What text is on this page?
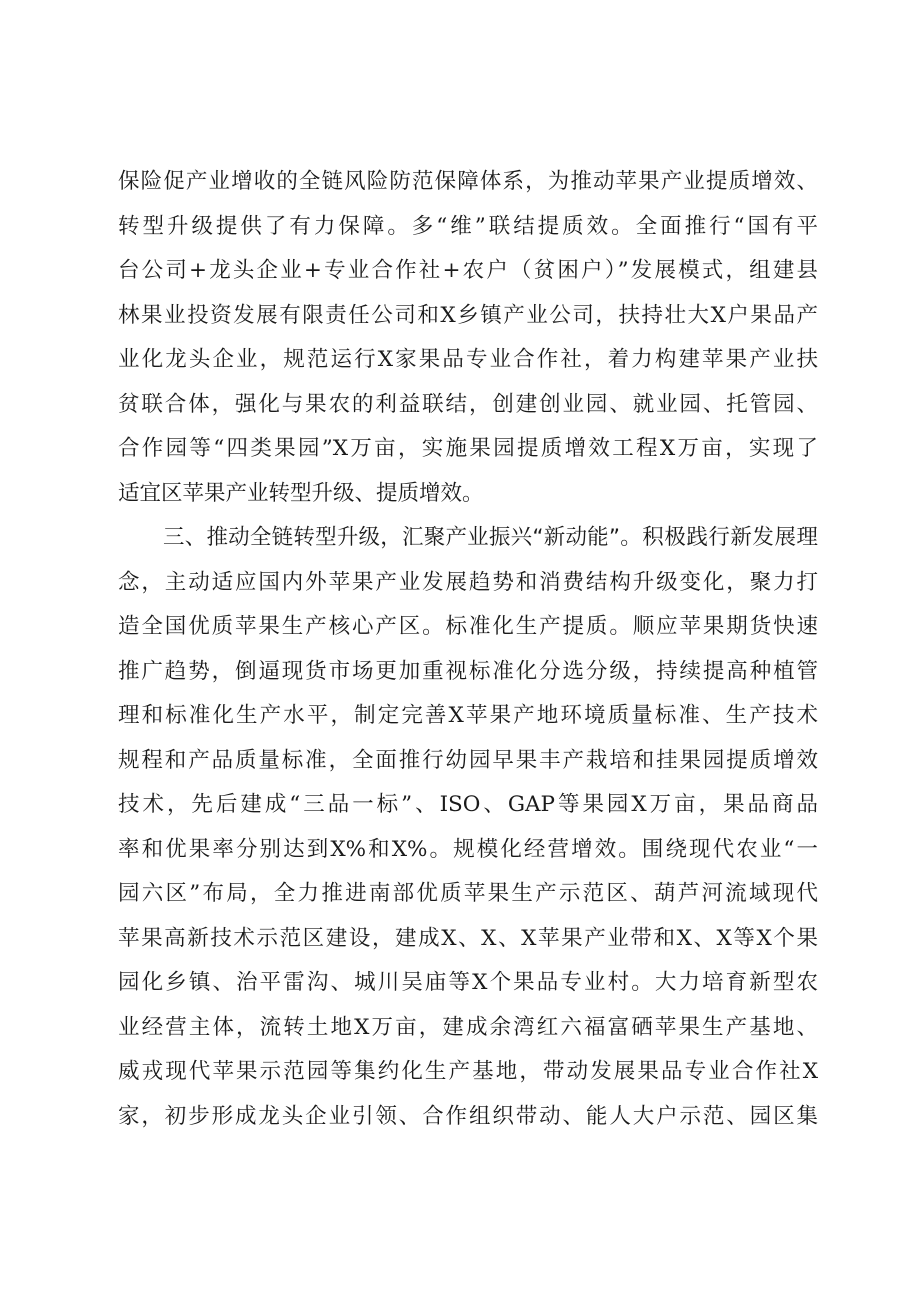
保险促产业增收的全链风险防范保障体系，为推动苹果产业提质增效、
转型升级提供了有力保障。多“维”联结提质效。全面推行“国有平
台公司+龙头企业+专业合作社+农户（贫困户）”发展模式，组建县
林果业投资发展有限责任公司和X乡镇产业公司，扶持壮大X户果品产
业化龙头企业，规范运行X家果品专业合作社，着力构建苹果产业扶
贫联合体，强化与果农的利益联结，创建创业园、就业园、托管园、
合作园等“四类果园”X万亩，实施果园提质增效工程X万亩，实现了
适宜区苹果产业转型升级、提质增效。
三、推动全链转型升级，汇聚产业振兴“新动能”。积极践行新发展理
念，主动适应国内外苹果产业发展趋势和消费结构升级变化，聚力打
造全国优质苹果生产核心产区。标准化生产提质。顺应苹果期货快速
推广趋势，倒逼现货市场更加重视标准化分选分级，持续提高种植管
理和标准化生产水平，制定完善X苹果产地环境质量标准、生产技术
规程和产品质量标准，全面推行幼园早果丰产栽培和挂果园提质增效
技术，先后建成“三品一标”、ISO、GAP等果园X万亩，果品商品
率和优果率分别达到X%和X%。规模化经营增效。围绕现代农业“一
园六区”布局，全力推进南部优质苹果生产示范区、葫芦河流域现代
苹果高新技术示范区建设，建成X、X、X苹果产业带和X、X等X个果
园化乡镇、治平雷沟、城川吴庙等X个果品专业村。大力培育新型农
业经营主体，流转土地X万亩，建成余湾红六福富硒苹果生产基地、
威戎现代苹果示范园等集约化生产基地，带动发展果品专业合作社X
家，初步形成龙头企业引领、合作组织带动、能人大户示范、园区集
